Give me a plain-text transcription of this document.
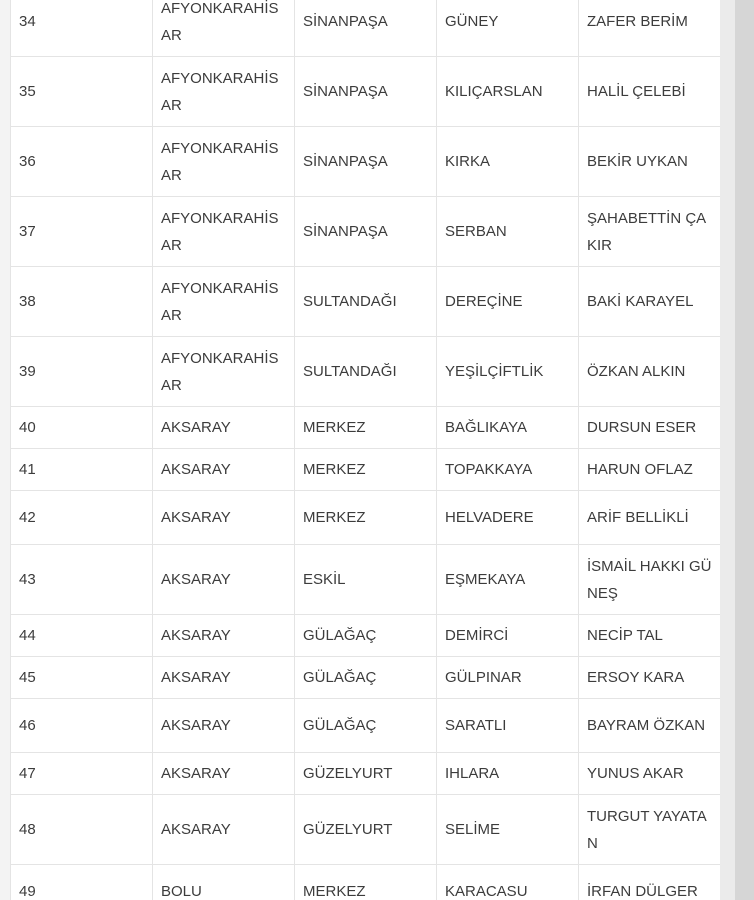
34	AFYONKARAHİSAR	SİNANPAŞA	GÜNEY	ZAFER BERİM
35	AFYONKARAHİSAR	SİNANPAŞA	KILIÇARSLAN	HALİL ÇELEBİ
36	AFYONKARAHİSAR	SİNANPAŞA	KIRKA	BEKİR UYKAN
37	AFYONKARAHİSAR	SİNANPAŞA	SERBAN	ŞAHABETTİN ÇAKIR
38	AFYONKARAHİSAR	SULTANDAĞI	DEREÇİNE	BAKİ KARAYEL
39	AFYONKARAHİSAR	SULTANDAĞI	YEŞİLÇİFTLİK	ÖZKAN ALKIN
40	AKSARAY	MERKEZ	BAĞLIKAYA	DURSUN ESER
41	AKSARAY	MERKEZ	TOPAKKAYA	HARUN OFLAZ
42	AKSARAY	MERKEZ	HELVADERE	ARİF BELLİKLİ
43	AKSARAY	ESKİL	EŞMEKAYA	İSMAİL HAKKI GÜNEŞ
44	AKSARAY	GÜLAĞAÇ	DEMİRCİ	NECİP TAL
45	AKSARAY	GÜLAĞAÇ	GÜLPINAR	ERSOY KARA
46	AKSARAY	GÜLAĞAÇ	SARATLI	BAYRAM ÖZKAN
47	AKSARAY	GÜZELYURT	IHLARA	YUNUS AKAR
48	AKSARAY	GÜZELYURT	SELİME	TURGUT YAYATAN
49	BOLU	MERKEZ	KARACASU	İRFAN DÜLGER
